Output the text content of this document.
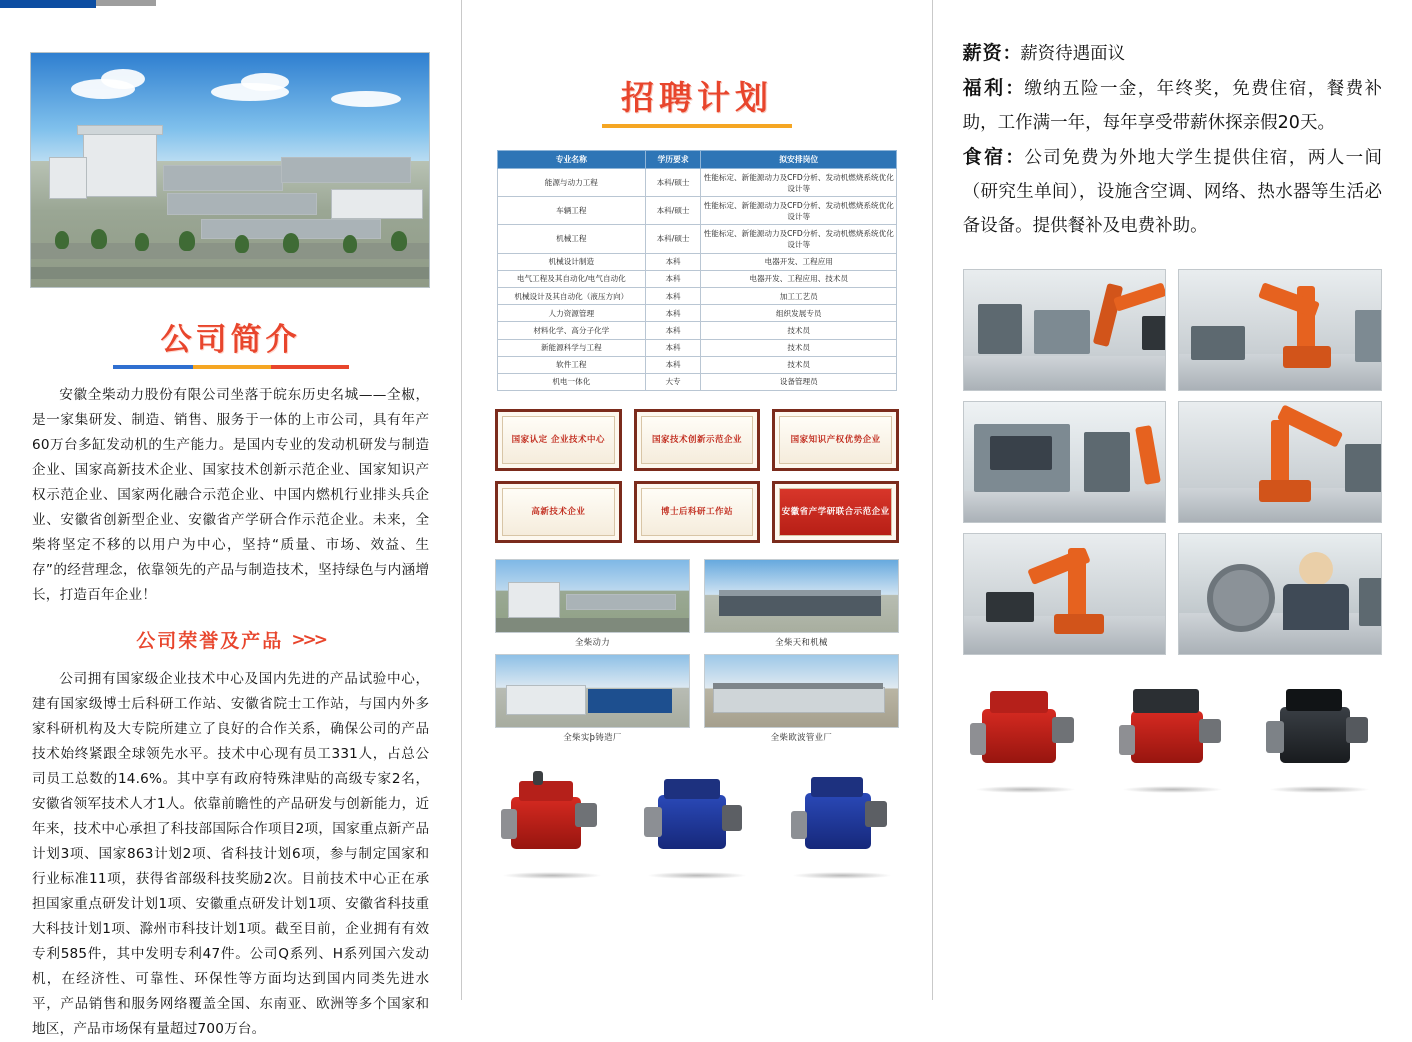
公司简介

安徽全柴动力股份有限公司坐落于皖东历史名城——全椒，是一家集研发、制造、销售、服务于一体的上市公司，具有年产60万台多缸发动机的生产能力。是国内专业的发动机研发与制造企业、国家高新技术企业、国家技术创新示范企业、国家知识产权示范企业、国家两化融合示范企业、中国内燃机行业排头兵企业、安徽省创新型企业、安徽省产学研合作示范企业。未来，全柴将坚定不移的以用户为中心，坚持“质量、市场、效益、生存”的经营理念，依靠领先的产品与制造技术，坚持绿色与内涵增长，打造百年企业！

公司荣誉及产品 >>>

公司拥有国家级企业技术中心及国内先进的产品试验中心，建有国家级博士后科研工作站、安徽省院士工作站，与国内外多家科研机构及大专院所建立了良好的合作关系，确保公司的产品技术始终紧跟全球领先水平。技术中心现有员工331人，占总公司员工总数的14.6%。其中享有政府特殊津贴的高级专家2名，安徽省领军技术人才1人。依靠前瞻性的产品研发与创新能力，近年来，技术中心承担了科技部国际合作项目2项，国家重点新产品计划3项、国家863计划2项、省科技计划6项，参与制定国家和行业标准11项，获得省部级科技奖励2次。目前技术中心正在承担国家重点研发计划1项、安徽重点研发计划1项、安徽省科技重大科技计划1项、滁州市科技计划1项。截至目前，企业拥有有效专利585件，其中发明专利47件。公司Q系列、H系列国六发动机，在经济性、可靠性、环保性等方面均达到国内同类先进水平，产品销售和服务网络覆盖全国、东南亚、欧洲等多个国家和地区，产品市场保有量超过700万台。

招聘计划
专业名称	学历要求	拟安排岗位
能源与动力工程	本科/硕士	性能标定、新能源动力及CFD分析、发动机燃烧系统优化设计等
车辆工程	本科/硕士	性能标定、新能源动力及CFD分析、发动机燃烧系统优化设计等
机械工程	本科/硕士	性能标定、新能源动力及CFD分析、发动机燃烧系统优化设计等
机械设计制造	本科	电器开发、工程应用
电气工程及其自动化/电气自动化	本科	电器开发、工程应用、技术员
机械设计及其自动化（液压方向）	本科	加工工艺员
人力资源管理	本科	组织发展专员
材料化学、高分子化学	本科	技术员
新能源科学与工程	本科	技术员
软件工程	本科	技术员
机电一体化	大专	设备管理员
国家认定 企业技术中心	国家技术创新示范企业	国家知识产权优势企业
高新技术企业	博士后科研工作站	安徽省产学研联合示范企业
全柴动力	全柴天和机械
全柴实þ铸造厂	全柴欧波管业厂

薪资：薪资待遇面议

福利：缴纳五险一金，年终奖，免费住宿，餐费补助，工作满一年，每年享受带薪休探亲假20天。

食宿：公司免费为外地大学生提供住宿，两人一间（研究生单间），设施含空调、网络、热水器等生活必备设备。提供餐补及电费补助。
